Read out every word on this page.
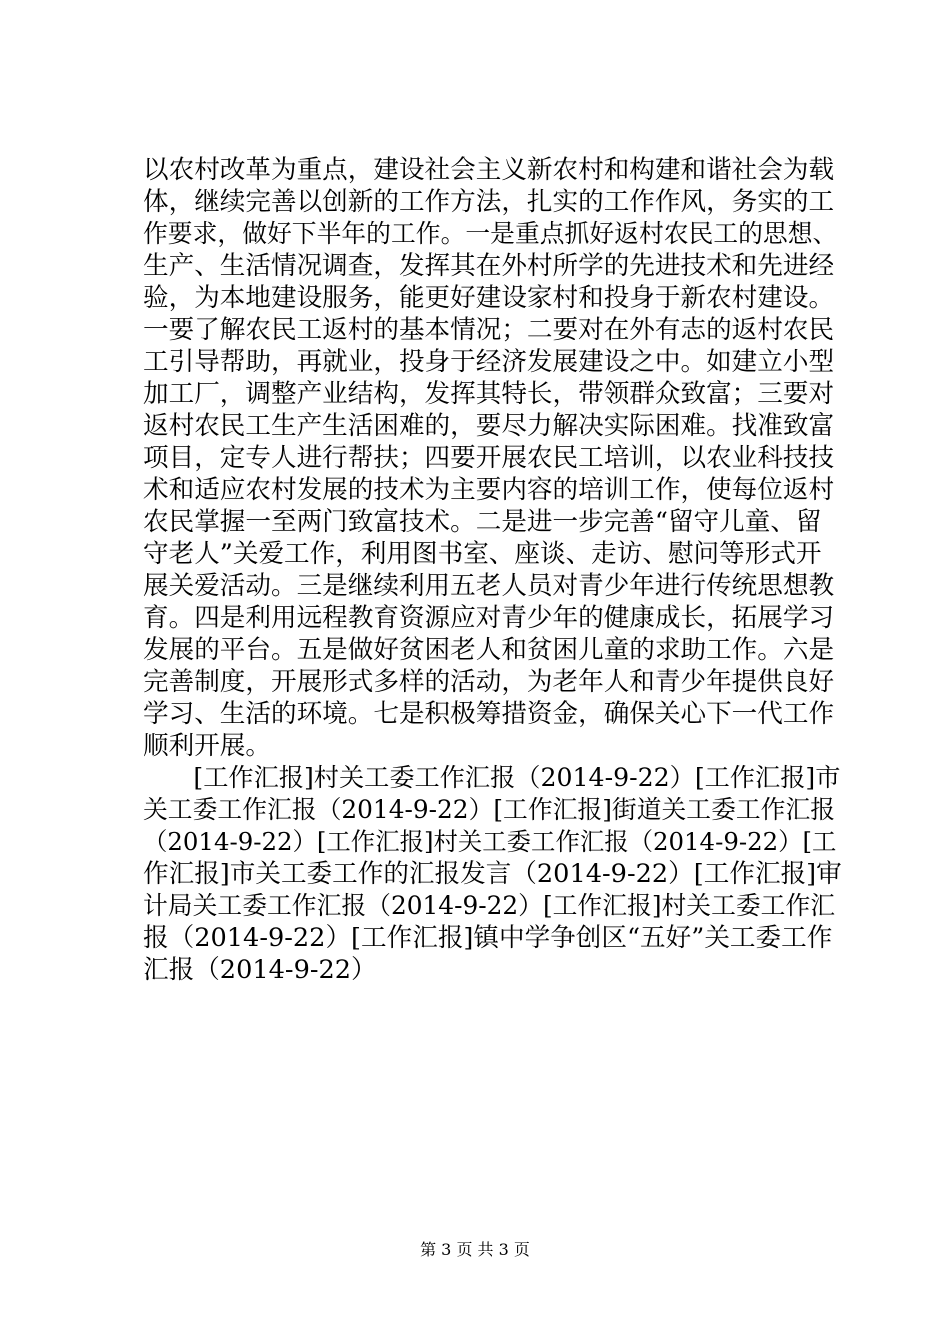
以农村改革为重点，建设社会主义新农村和构建和谐社会为载
体，继续完善以创新的工作方法，扎实的工作作风，务实的工
作要求，做好下半年的工作。一是重点抓好返村农民工的思想、
生产、生活情况调查，发挥其在外村所学的先进技术和先进经
验，为本地建设服务，能更好建设家村和投身于新农村建设。
一要了解农民工返村的基本情况；二要对在外有志的返村农民
工引导帮助，再就业，投身于经济发展建设之中。如建立小型
加工厂，调整产业结构，发挥其特长，带领群众致富；三要对
返村农民工生产生活困难的，要尽力解决实际困难。找准致富
项目，定专人进行帮扶；四要开展农民工培训，以农业科技技
术和适应农村发展的技术为主要内容的培训工作，使每位返村
农民掌握一至两门致富技术。二是进一步完善“留守儿童、留
守老人”关爱工作，利用图书室、座谈、走访、慰问等形式开
展关爱活动。三是继续利用五老人员对青少年进行传统思想教
育。四是利用远程教育资源应对青少年的健康成长，拓展学习
发展的平台。五是做好贫困老人和贫困儿童的求助工作。六是
完善制度，开展形式多样的活动，为老年人和青少年提供良好
学习、生活的环境。七是积极筹措资金，确保关心下一代工作
顺利开展。
　　[工作汇报]村关工委工作汇报（2014-9-22）[工作汇报]市
关工委工作汇报（2014-9-22）[工作汇报]街道关工委工作汇报
（2014-9-22）[工作汇报]村关工委工作汇报（2014-9-22）[工
作汇报]市关工委工作的汇报发言（2014-9-22）[工作汇报]审
计局关工委工作汇报（2014-9-22）[工作汇报]村关工委工作汇
报（2014-9-22）[工作汇报]镇中学争创区“五好”关工委工作
汇报（2014-9-22）
第 3 页 共 3 页
